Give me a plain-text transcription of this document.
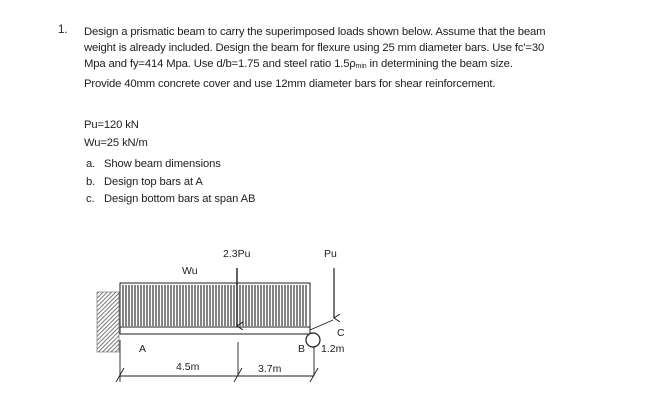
1. Design a prismatic beam to carry the superimposed loads shown below. Assume that the beam
weight is already included. Design the beam for flexure using 25 mm diameter bars. Use fc'=30
Mpa and fy=414 Mpa. Use d/b=1.75 and steel ratio $1.5\rho_{min}$ in determining the beam size.
Provide 40mm concrete cover and use 12mm diameter bars for shear reinforcement.
Pu=120 kN
Wu=25 kN/m
a. Show beam dimensions
b. Design top bars at A
c. Design bottom bars at span AB
2.3Pu	Pu
Wu
A	B
C
1.2m
4.5m	3.7m
